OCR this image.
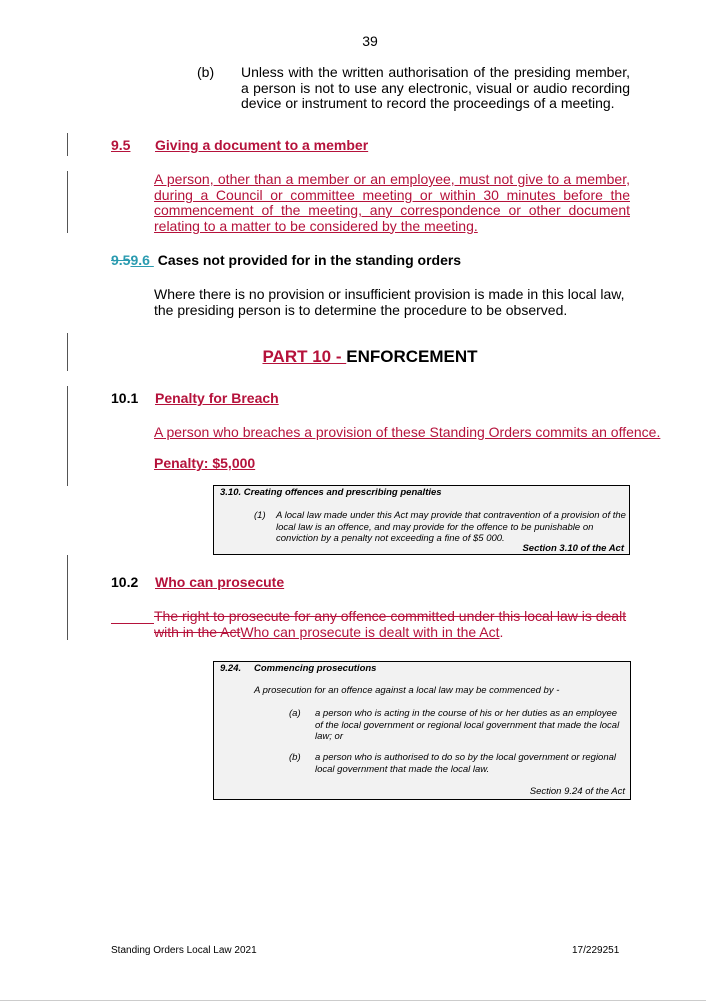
39
(b) Unless with the written authorisation of the presiding member, a person is not to use any electronic, visual or audio recording device or instrument to record the proceedings of a meeting.
9.5 Giving a document to a member
A person, other than a member or an employee, must not give to a member, during a Council or committee meeting or within 30 minutes before the commencement of the meeting, any correspondence or other document relating to a matter to be considered by the meeting.
9.59.6 Cases not provided for in the standing orders
Where there is no provision or insufficient provision is made in this local law, the presiding person is to determine the procedure to be observed.
PART 10 - ENFORCEMENT
10.1 Penalty for Breach
A person who breaches a provision of these Standing Orders commits an offence.
Penalty: $5,000
3.10. Creating offences and prescribing penalties
(1) A local law made under this Act may provide that contravention of a provision of the local law is an offence, and may provide for the offence to be punishable on conviction by a penalty not exceeding a fine of $5 000.
Section 3.10 of the Act
10.2 Who can prosecute
The right to prosecute for any offence committed under this local law is dealt with in the ActWho can prosecute is dealt with in the Act.
9.24. Commencing prosecutions
A prosecution for an offence against a local law may be commenced by -
(a) a person who is acting in the course of his or her duties as an employee of the local government or regional local government that made the local law; or
(b) a person who is authorised to do so by the local government or regional local government that made the local law.
Section 9.24 of the Act
Standing Orders Local Law 2021	17/229251
